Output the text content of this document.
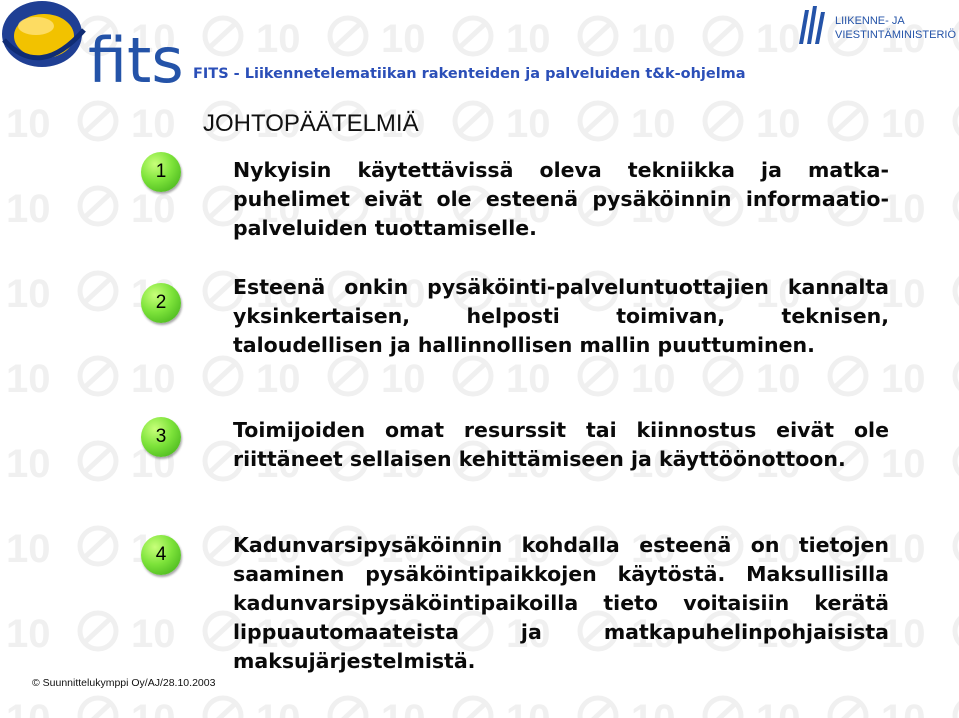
fits
LIIKENNE- JA
VIESTINTÄMINISTERIÖ
FITS - Liikennetelematiikan rakenteiden ja palveluiden t&k-ohjelma
JOHTOPÄÄTELMIÄ
1	Nykyisin käytettävissä oleva tekniikka ja matka-puhelimet eivät ole esteenä pysäköinnin informaatio-palveluiden tuottamiselle.
2
Esteenä onkin pysäköinti-palveluntuottajien kannalta yksinkertaisen, helposti toimivan, teknisen, taloudellisen ja hallinnollisen mallin puuttuminen.
3	Toimijoiden omat resurssit tai kiinnostus eivät ole riittäneet sellaisen kehittämiseen ja käyttöönottoon.
4	Kadunvarsipysäköinnin kohdalla esteenä on tietojen saaminen pysäköintipaikkojen käytöstä. Maksullisilla kadunvarsipysäköintipaikoilla tieto voitaisiin kerätä lippuautomaateista ja matkapuhelinpohjaisista maksujärjestelmistä.
© Suunnittelukymppi Oy/AJ/28.10.2003
